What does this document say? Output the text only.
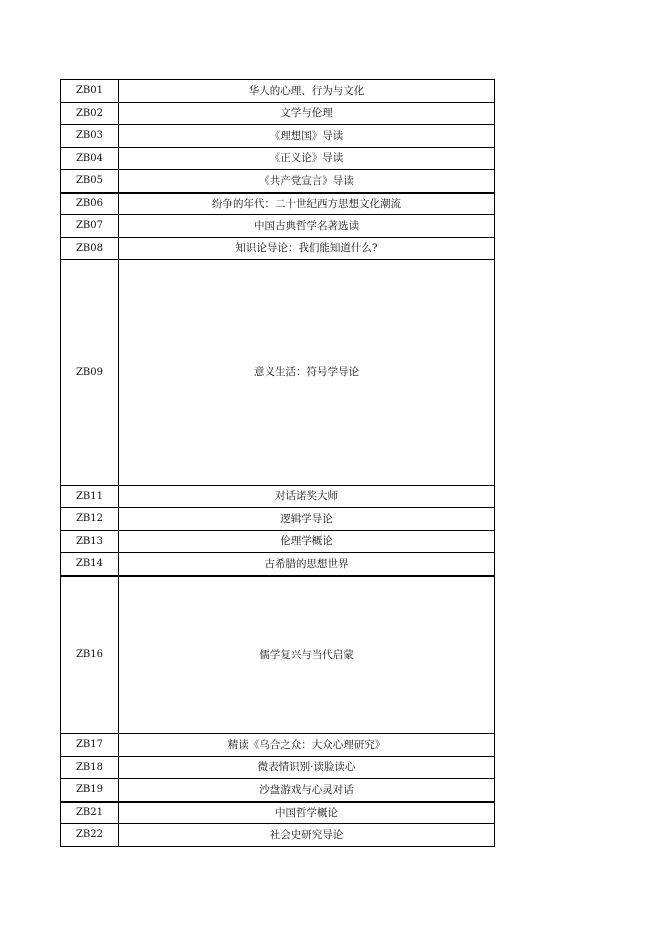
ZB01	华人的心理、行为与文化
ZB02	文学与伦理
ZB03	《理想国》导读
ZB04	《正义论》导读
ZB05	《共产党宣言》导读
ZB06	纷争的年代：二十世纪西方思想文化潮流
ZB07	中国古典哲学名著选读
ZB08	知识论导论：我们能知道什么?
ZB09	意义生活：符号学导论
ZB11	对话诺奖大师
ZB12	逻辑学导论
ZB13	伦理学概论
ZB14	古希腊的思想世界
ZB16	儒学复兴与当代启蒙
ZB17	精读《乌合之众：大众心理研究》
ZB18	微表情识别·读脸读心
ZB19	沙盘游戏与心灵对话
ZB21	中国哲学概论
ZB22	社会史研究导论
